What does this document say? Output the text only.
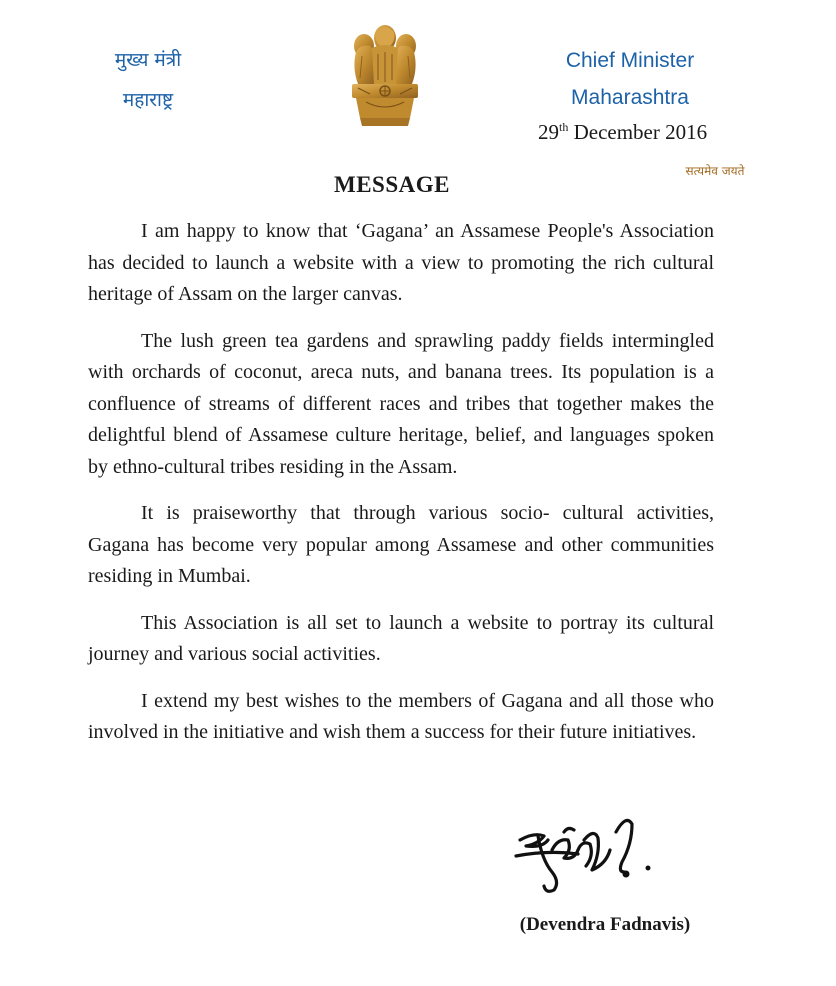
मुख्य मंत्री
महाराष्ट्र
सत्यमेव जयते
Chief Minister
Maharashtra
29th December 2016
MESSAGE

I am happy to know that ‘Gagana’ an Assamese People's Association has decided to launch a website with a view to promoting the rich cultural heritage of Assam on the larger canvas.

The lush green tea gardens and sprawling paddy fields intermingled with orchards of coconut, areca nuts, and banana trees. Its population is a confluence of streams of different races and tribes that together makes the delightful blend of Assamese culture heritage, belief, and languages spoken by ethno-cultural tribes residing in the Assam.

It is praiseworthy that through various socio- cultural activities, Gagana has become very popular among Assamese and other communities residing in Mumbai.

This Association is all set to launch a website to portray its cultural journey and various social activities.

I extend my best wishes to the members of Gagana and all those who involved in the initiative and wish them a success for their future initiatives.

(Devendra Fadnavis)
